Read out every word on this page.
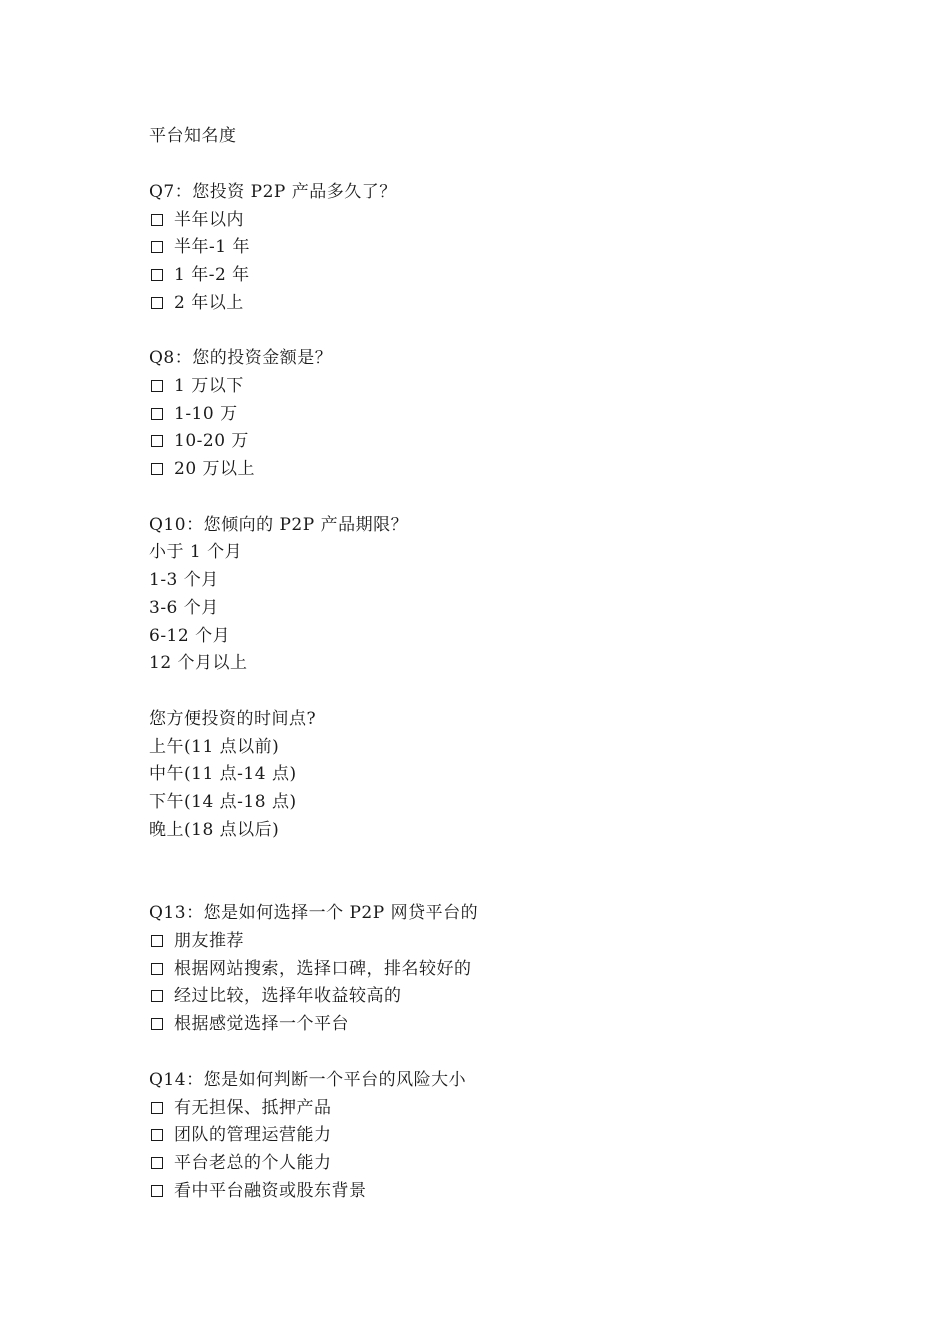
平台知名度
Q7：您投资 P2P 产品多久了？
半年以内
半年-1 年
1 年-2 年
2 年以上
Q8：您的投资金额是？
1 万以下
1-10 万
10-20 万
20 万以上
Q10：您倾向的 P2P 产品期限？
小于 1 个月
1-3 个月
3-6 个月
6-12 个月
12 个月以上
您方便投资的时间点?
上午(11 点以前)
中午(11 点-14 点)
下午(14 点-18 点)
晚上(18 点以后)
Q13：您是如何选择一个 P2P 网贷平台的
朋友推荐
根据网站搜索，选择口碑，排名较好的
经过比较，选择年收益较高的
根据感觉选择一个平台
Q14：您是如何判断一个平台的风险大小
有无担保、抵押产品
团队的管理运营能力
平台老总的个人能力
看中平台融资或股东背景
